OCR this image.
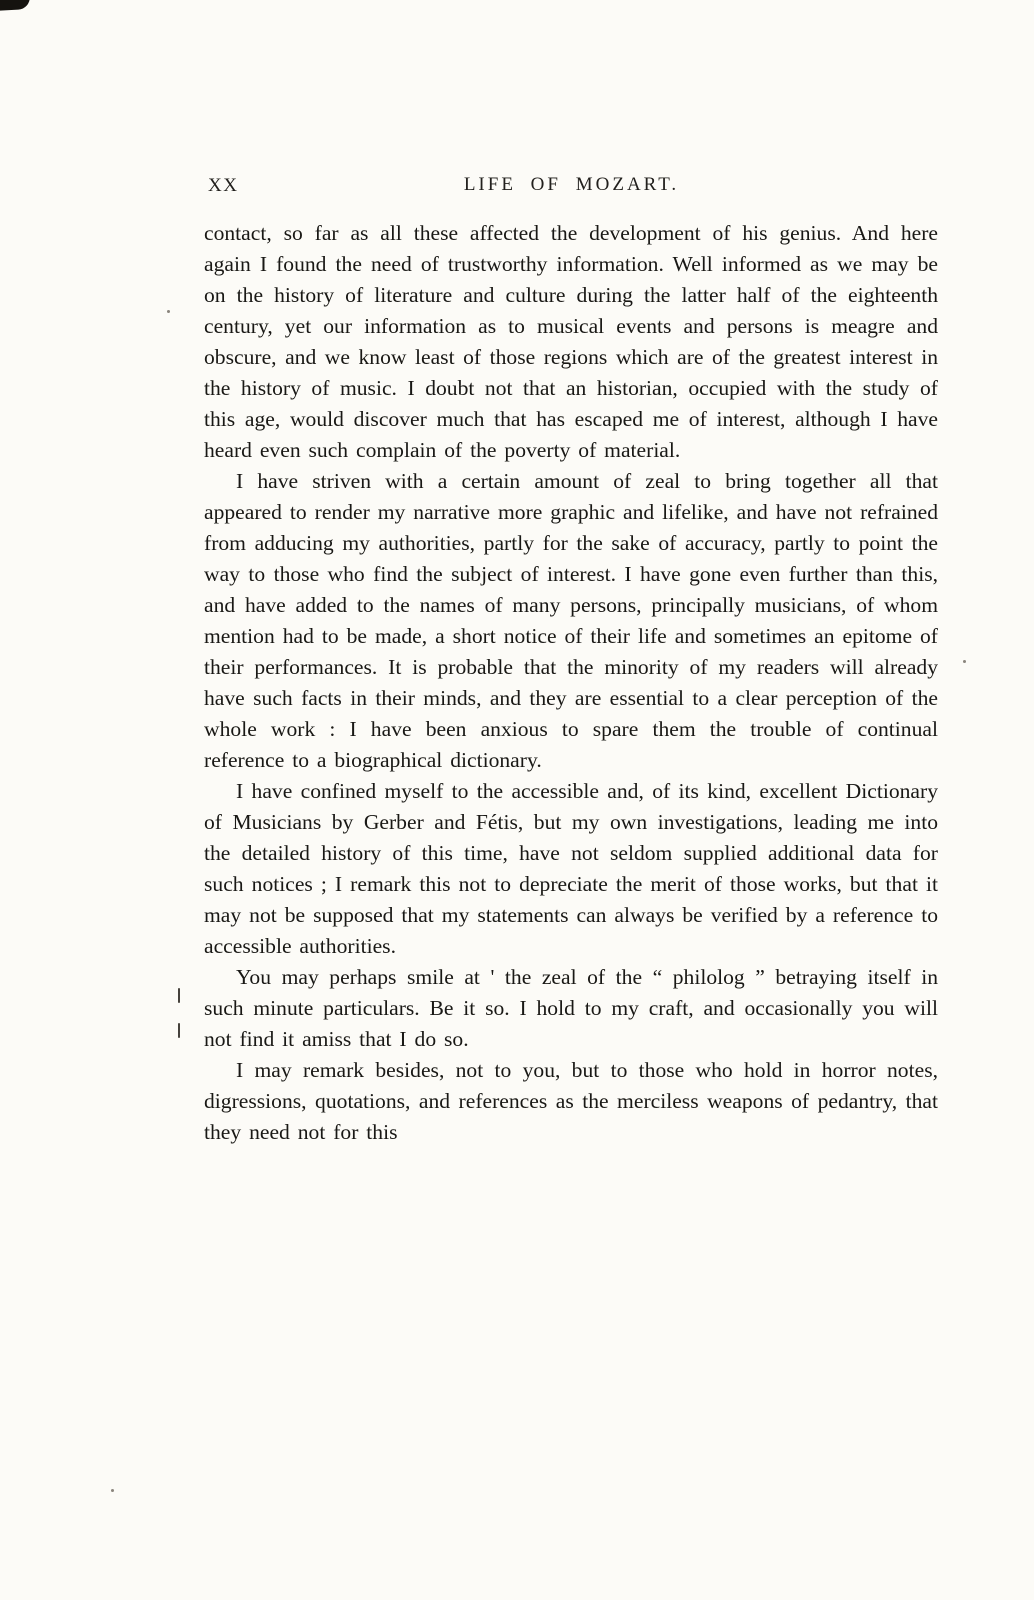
XX	LIFE OF MOZART.

contact, so far as all these affected the development of his genius. And here again I found the need of trustworthy information. Well informed as we may be on the history of literature and culture during the latter half of the eighteenth century, yet our information as to musical events and persons is meagre and obscure, and we know least of those regions which are of the greatest interest in the history of music. I doubt not that an historian, occupied with the study of this age, would discover much that has escaped me of interest, although I have heard even such complain of the poverty of material.

I have striven with a certain amount of zeal to bring together all that appeared to render my narrative more graphic and lifelike, and have not refrained from adducing my authorities, partly for the sake of accuracy, partly to point the way to those who find the subject of interest. I have gone even further than this, and have added to the names of many persons, principally musicians, of whom mention had to be made, a short notice of their life and sometimes an epitome of their performances. It is probable that the minority of my readers will already have such facts in their minds, and they are essential to a clear perception of the whole work : I have been anxious to spare them the trouble of continual reference to a biographical dictionary.

I have confined myself to the accessible and, of its kind, excellent Dictionary of Musicians by Gerber and Fétis, but my own investigations, leading me into the detailed history of this time, have not seldom supplied additional data for such notices ; I remark this not to depreciate the merit of those works, but that it may not be supposed that my statements can always be verified by a reference to accessible authorities.

You may perhaps smile at ' the zeal of the “ philolog ” betraying itself in such minute particulars. Be it so. I hold to my craft, and occasionally you will not find it amiss that I do so.

I may remark besides, not to you, but to those who hold in horror notes, digressions, quotations, and references as the merciless weapons of pedantry, that they need not for this
